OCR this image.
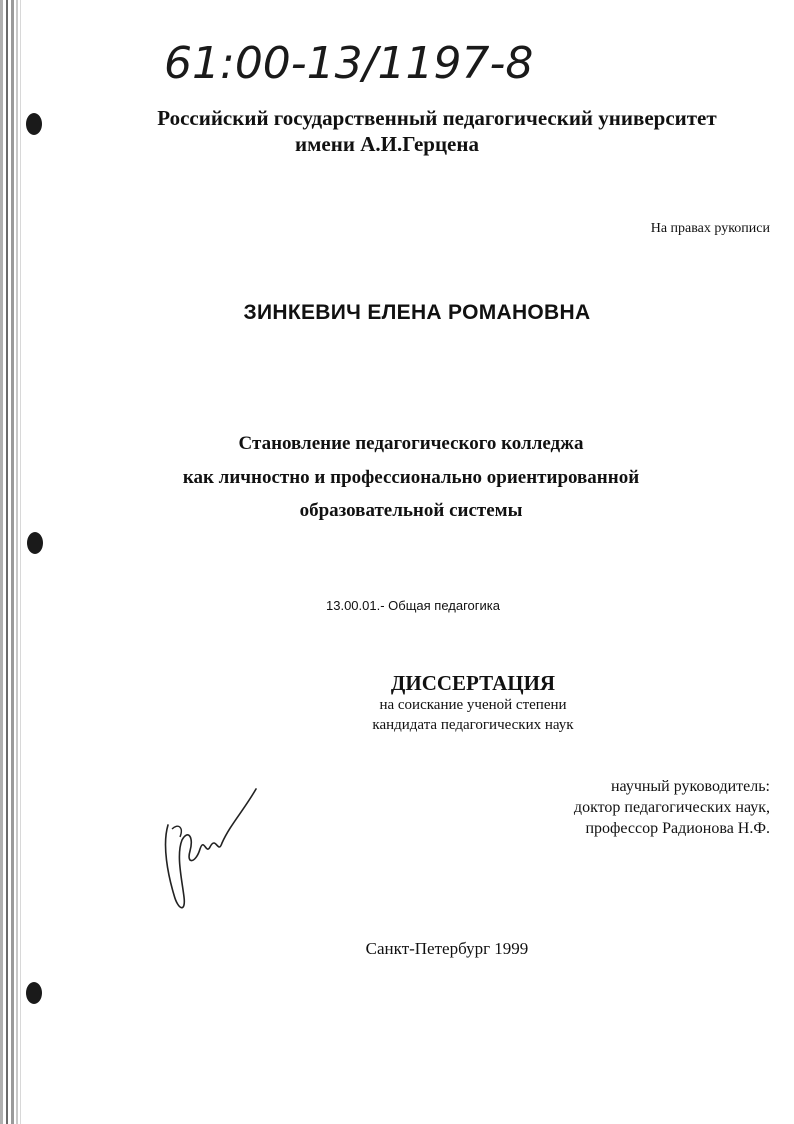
61:00-13/1197-8
Российский государственный педагогический университет
имени А.И.Герцена
На правах рукописи
ЗИНКЕВИЧ ЕЛЕНА РОМАНОВНА
Становление педагогического колледжа
как личностно и профессионально ориентированной
образовательной системы
13.00.01.- Общая педагогика
ДИССЕРТАЦИЯ
на соискание ученой степени
кандидата педагогических наук
научный руководитель:
доктор педагогических наук,
профессор Радионова Н.Ф.
Санкт-Петербург 1999
